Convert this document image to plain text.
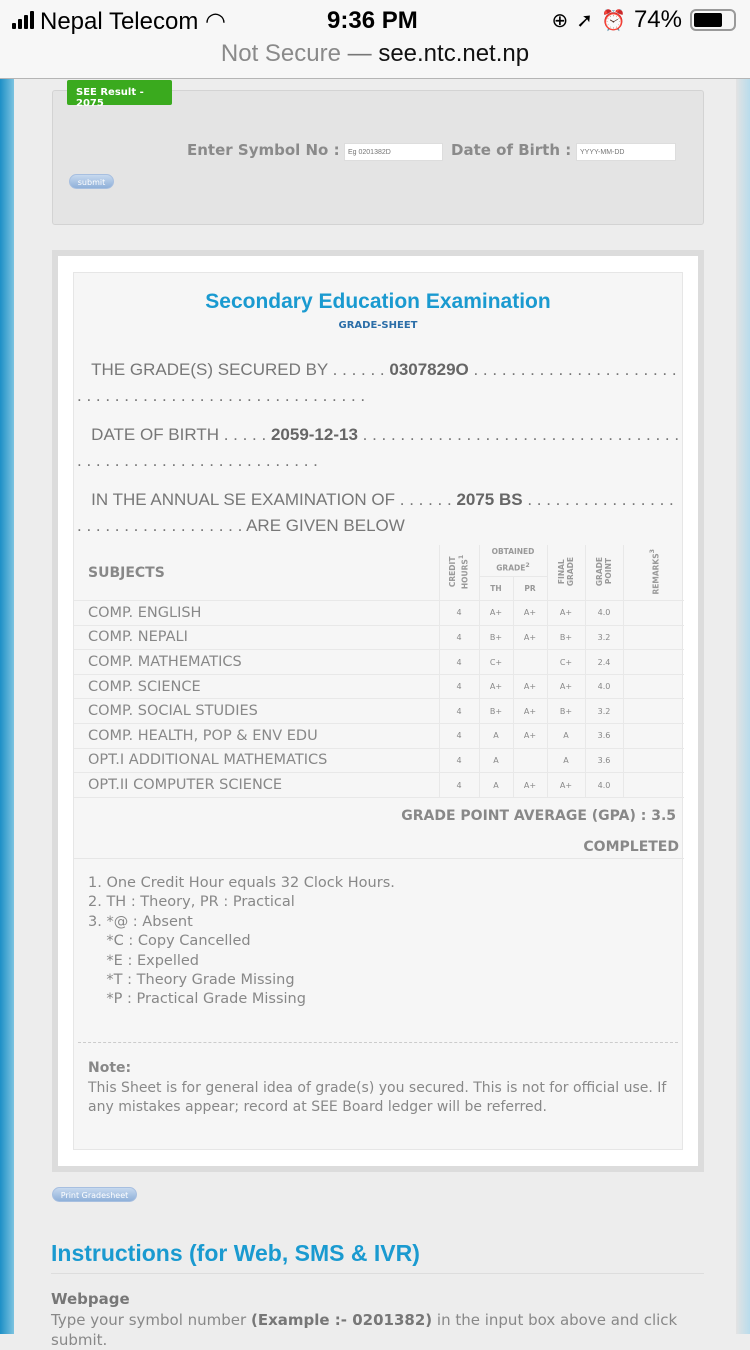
Nepal Telecom ◠	9:36 PM	⊕ ➚ ⏰ 74%
Not Secure — see.ntc.net.np
SEE Result - 2075
Enter Symbol No :
Eg 0201382D	Date of Birth :
YYYY-MM-DD
submit
Secondary Education Examination
GRADE-SHEET
THE GRADE(S) SECURED BY . . . . . . 0307829O . . . . . . . . . . . . . . . . . . . . . . . . . . . . . . . . . . . . . . . . . . . . . . . . . . . . .
DATE OF BIRTH . . . . . 2059-12-13 . . . . . . . . . . . . . . . . . . . . . . . . . . . . . . . . . . . . . . . . . . . . . . . . . . . . . . . . . . . .
IN THE ANNUAL SE EXAMINATION OF . . . . . . 2075 BS . . . . . . . . . . . . . . . . . . . . . . . . . . . . . . . . . . ARE GIVEN BELOW
SUBJECTS	CREDIT HOURS$^1$	OBTAINED GRADE$^2$		FINAL GRADE	GRADE POINT	REMARKS$^3$
		TH	PR			
COMP. ENGLISH	4	A+	A+	A+	4.0	
COMP. NEPALI	4	B+	A+	B+	3.2	
COMP. MATHEMATICS	4	C+		C+	2.4	
COMP. SCIENCE	4	A+	A+	A+	4.0	
COMP. SOCIAL STUDIES	4	B+	A+	B+	3.2	
COMP. HEALTH, POP & ENV EDU	4	A	A+	A	3.6	
OPT.I ADDITIONAL MATHEMATICS	4	A		A	3.6	
OPT.II COMPUTER SCIENCE	4	A	A+	A+	4.0	
GRADE POINT AVERAGE (GPA) : 3.5
COMPLETED
1. One Credit Hour equals 32 Clock Hours.
2. TH : Theory, PR : Practical
3. *@ : Absent
*C : Copy Cancelled
*E : Expelled
*T : Theory Grade Missing
*P : Practical Grade Missing
Note:
This Sheet is for general idea of grade(s) you secured. This is not for official use. If any mistakes appear; record at SEE Board ledger will be referred.
Print Gradesheet
Instructions (for Web, SMS & IVR)
Webpage
Type your symbol number (Example :- 0201382) in the input box above and click submit.
